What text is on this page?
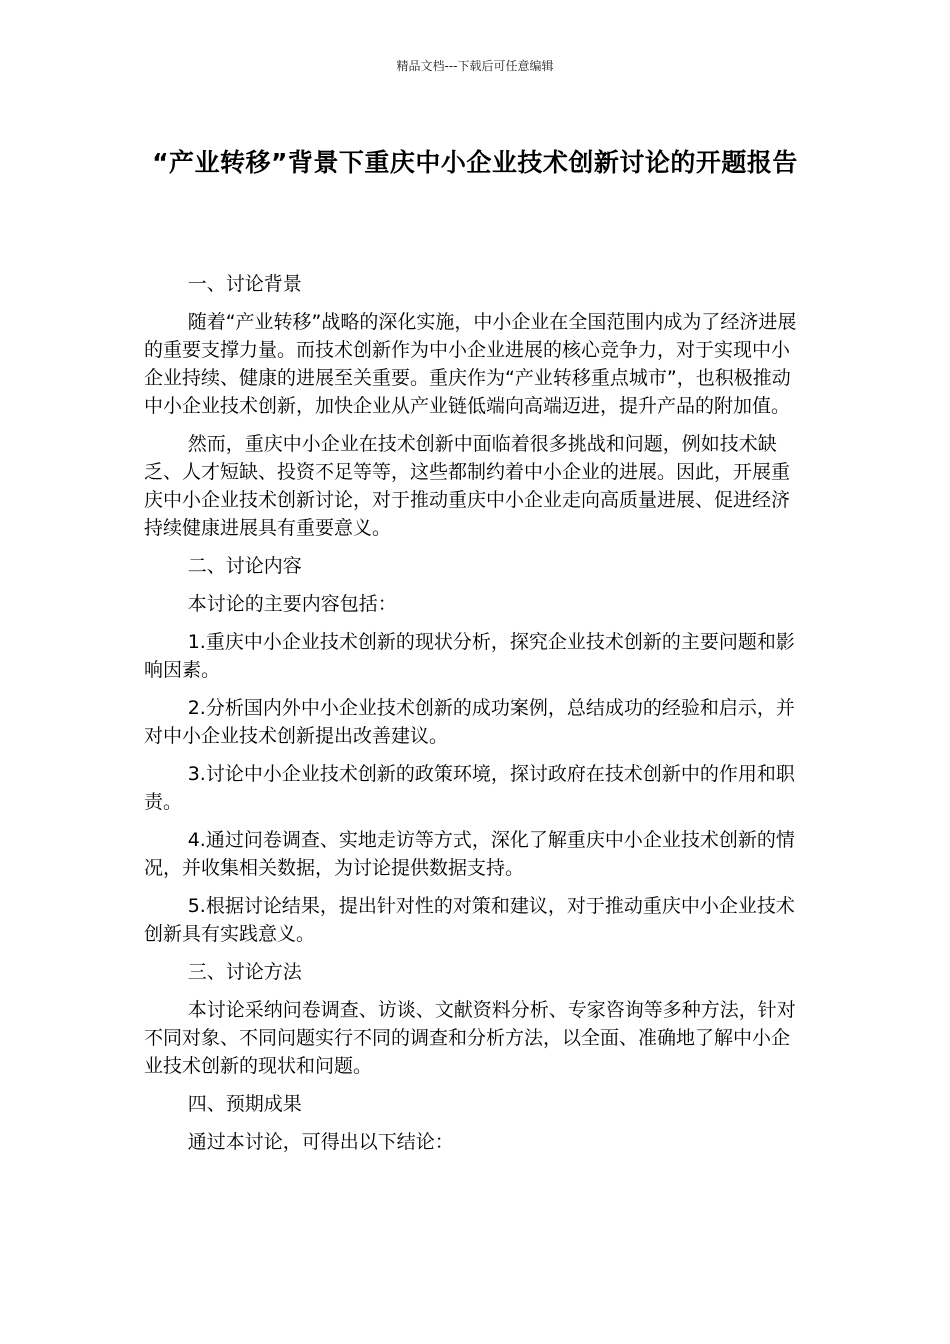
精品文档---下载后可任意编辑
“产业转移”背景下重庆中小企业技术创新讨论的开题报告

一、讨论背景

随着“产业转移”战略的深化实施，中小企业在全国范围内成为了经济进展的重要支撑力量。而技术创新作为中小企业进展的核心竞争力，对于实现中小企业持续、健康的进展至关重要。重庆作为“产业转移重点城市”，也积极推动中小企业技术创新，加快企业从产业链低端向高端迈进，提升产品的附加值。

然而，重庆中小企业在技术创新中面临着很多挑战和问题，例如技术缺乏、人才短缺、投资不足等等，这些都制约着中小企业的进展。因此，开展重庆中小企业技术创新讨论，对于推动重庆中小企业走向高质量进展、促进经济持续健康进展具有重要意义。

二、讨论内容

本讨论的主要内容包括：

1.重庆中小企业技术创新的现状分析，探究企业技术创新的主要问题和影响因素。

2.分析国内外中小企业技术创新的成功案例，总结成功的经验和启示，并对中小企业技术创新提出改善建议。

3.讨论中小企业技术创新的政策环境，探讨政府在技术创新中的作用和职责。

4.通过问卷调查、实地走访等方式，深化了解重庆中小企业技术创新的情况，并收集相关数据，为讨论提供数据支持。

5.根据讨论结果，提出针对性的对策和建议，对于推动重庆中小企业技术创新具有实践意义。

三、讨论方法

本讨论采纳问卷调查、访谈、文献资料分析、专家咨询等多种方法，针对不同对象、不同问题实行不同的调查和分析方法，以全面、准确地了解中小企业技术创新的现状和问题。

四、预期成果

通过本讨论，可得出以下结论：
